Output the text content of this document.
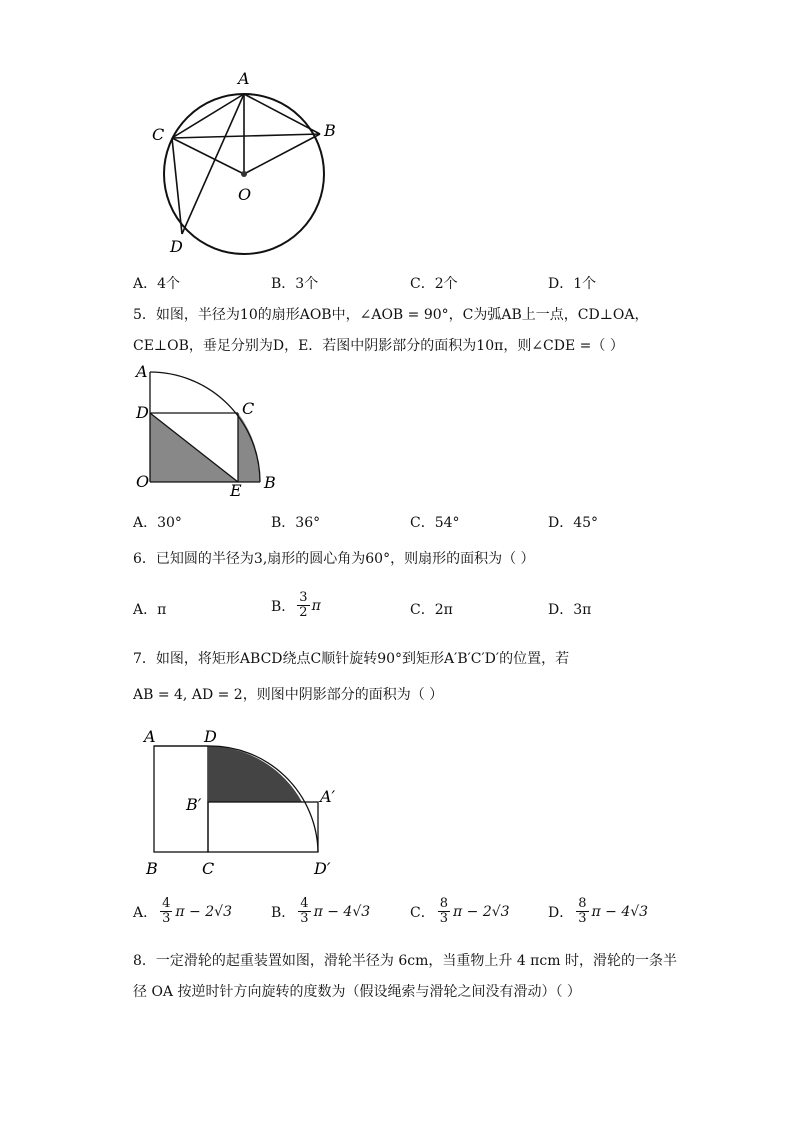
A
B
C
O
D
A．4个	B．3个	C．2个	D．1个
5．如图，半径为10的扇形AOB中，∠AOB = 90°，C为弧AB上一点，CD⊥OA，
CE⊥OB，垂足分别为D，E．若图中阴影部分的面积为10π，则∠CDE =（ ）
A
D	C
O	E B
A．30°	B．36°	C．54°	D．45°
6．已知圆的半径为3,扇形的圆心角为60°，则扇形的面积为（ ）
A．π	B． $\frac{3}{2}$ π	C．2π	D．3π
7．如图，将矩形ABCD绕点C顺针旋转90°到矩形A′B′C′D′的位置，若
AB = 4, AD = 2，则图中阴影部分的面积为（ ）
A	D
B′	A′
B	C	D′
A． $\frac{4}{3}$ π − 2√3	B． $\frac{4}{3}$ π − 4√3	C． $\frac{8}{3}$ π − 2√3	D． $\frac{8}{3}$ π − 4√3
8．一定滑轮的起重装置如图，滑轮半径为 6cm，当重物上升 4 πcm 时，滑轮的一条半
径 OA 按逆时针方向旋转的度数为（假设绳索与滑轮之间没有滑动）（ ）
